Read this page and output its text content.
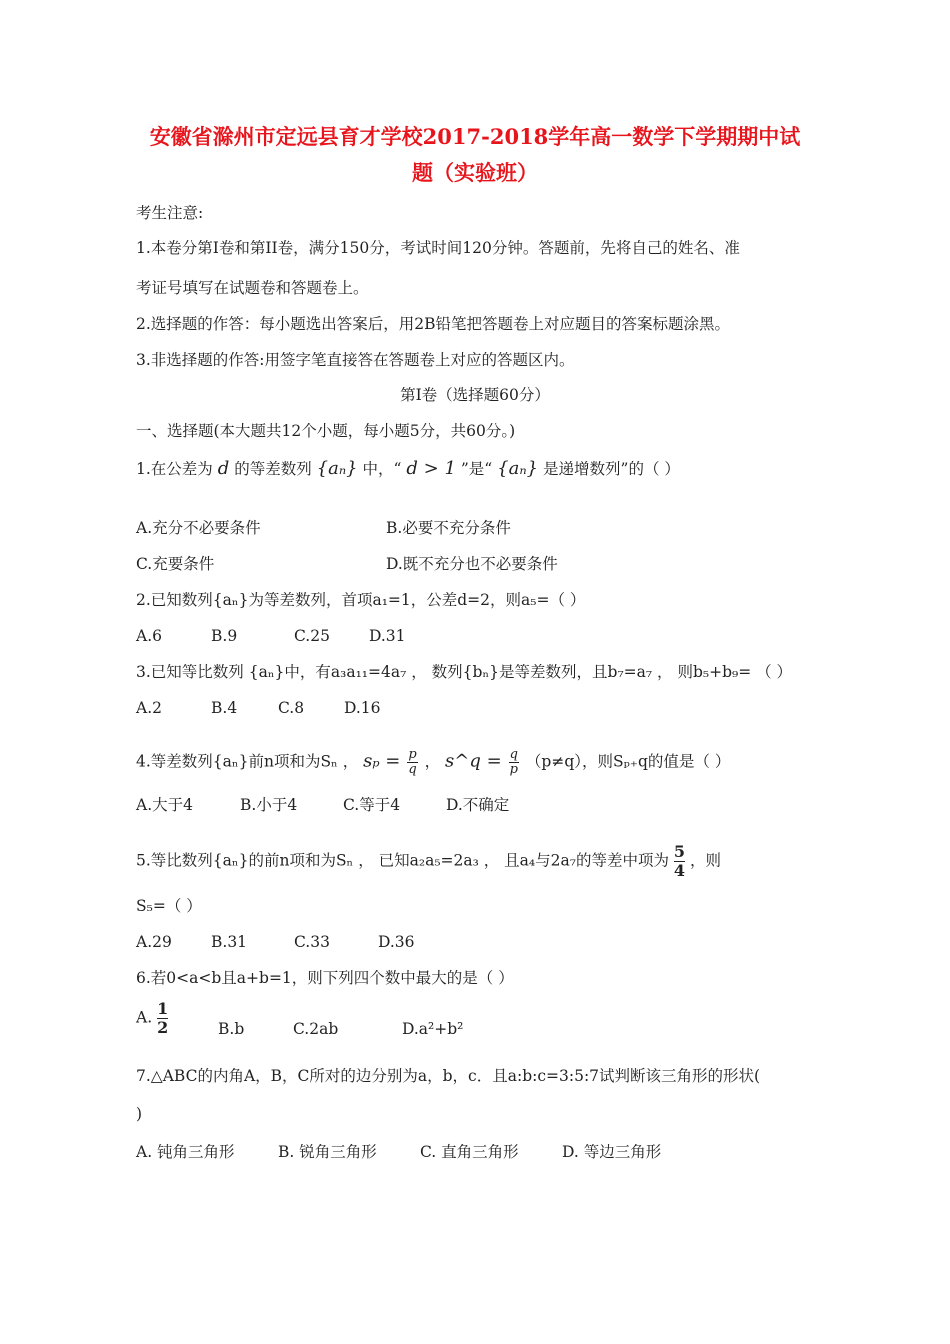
安徽省滁州市定远县育才学校2017-2018学年高一数学下学期期中试
题（实验班）
考生注意:
1.本卷分第I卷和第II卷，满分150分，考试时间120分钟。答题前，先将自己的姓名、准
考证号填写在试题卷和答题卷上。
2.选择题的作答：每小题选出答案后，用2B铅笔把答题卷上对应题目的答案标题涂黑。
3.非选择题的作答:用签字笔直接答在答题卷上对应的答题区内。
第I卷（选择题60分）
一、选择题(本大题共12个小题，每小题5分，共60分。)
1.在公差为 d 的等差数列 {aₙ} 中，“ d > 1 ”是“ {aₙ} 是递增数列”的（ ）
A.充分不必要条件	B.必要不充分条件
C.充要条件	D.既不充分也不必要条件
2.已知数列{aₙ}为等差数列，首项a₁=1，公差d=2，则a₅=（ ）
A.6	B.9	C.25	D.31
3.已知等比数列 {aₙ}中，有a₃a₁₁=4a₇ ， 数列{bₙ}是等差数列，且b₇=a₇ ， 则b₅+b₉= （ ）
A.2	B.4	C.8	D.16
4.等差数列{aₙ}前n项和为Sₙ ， $s_p = \frac{p}{q}$ ， s^q = $\frac{q}{p} (p\ne q)$，则Sₚ₊q的值是（ ）
A.大于4	B.小于4	C.等于4	D.不确定
5.等比数列{aₙ}的前n项和为Sₙ ， 已知a₂a₅=2a₃ ， 且a₄与2a₇的等差中项为 $\frac{5}{4}$ ，则
S₅=（ ）
A.29	B.31	C.33	D.36
6.若0<a<b且a+b=1，则下列四个数中最大的是（ ）
A. $\frac{1}{2}$	B.b	C.2ab	D.a²+b²
7.△ABC的内角A，B，C所对的边分别为a，b，c．且a:b:c=3:5:7试判断该三角形的形状(
)
A. 钝角三角形	B. 锐角三角形	C. 直角三角形	D. 等边三角形
